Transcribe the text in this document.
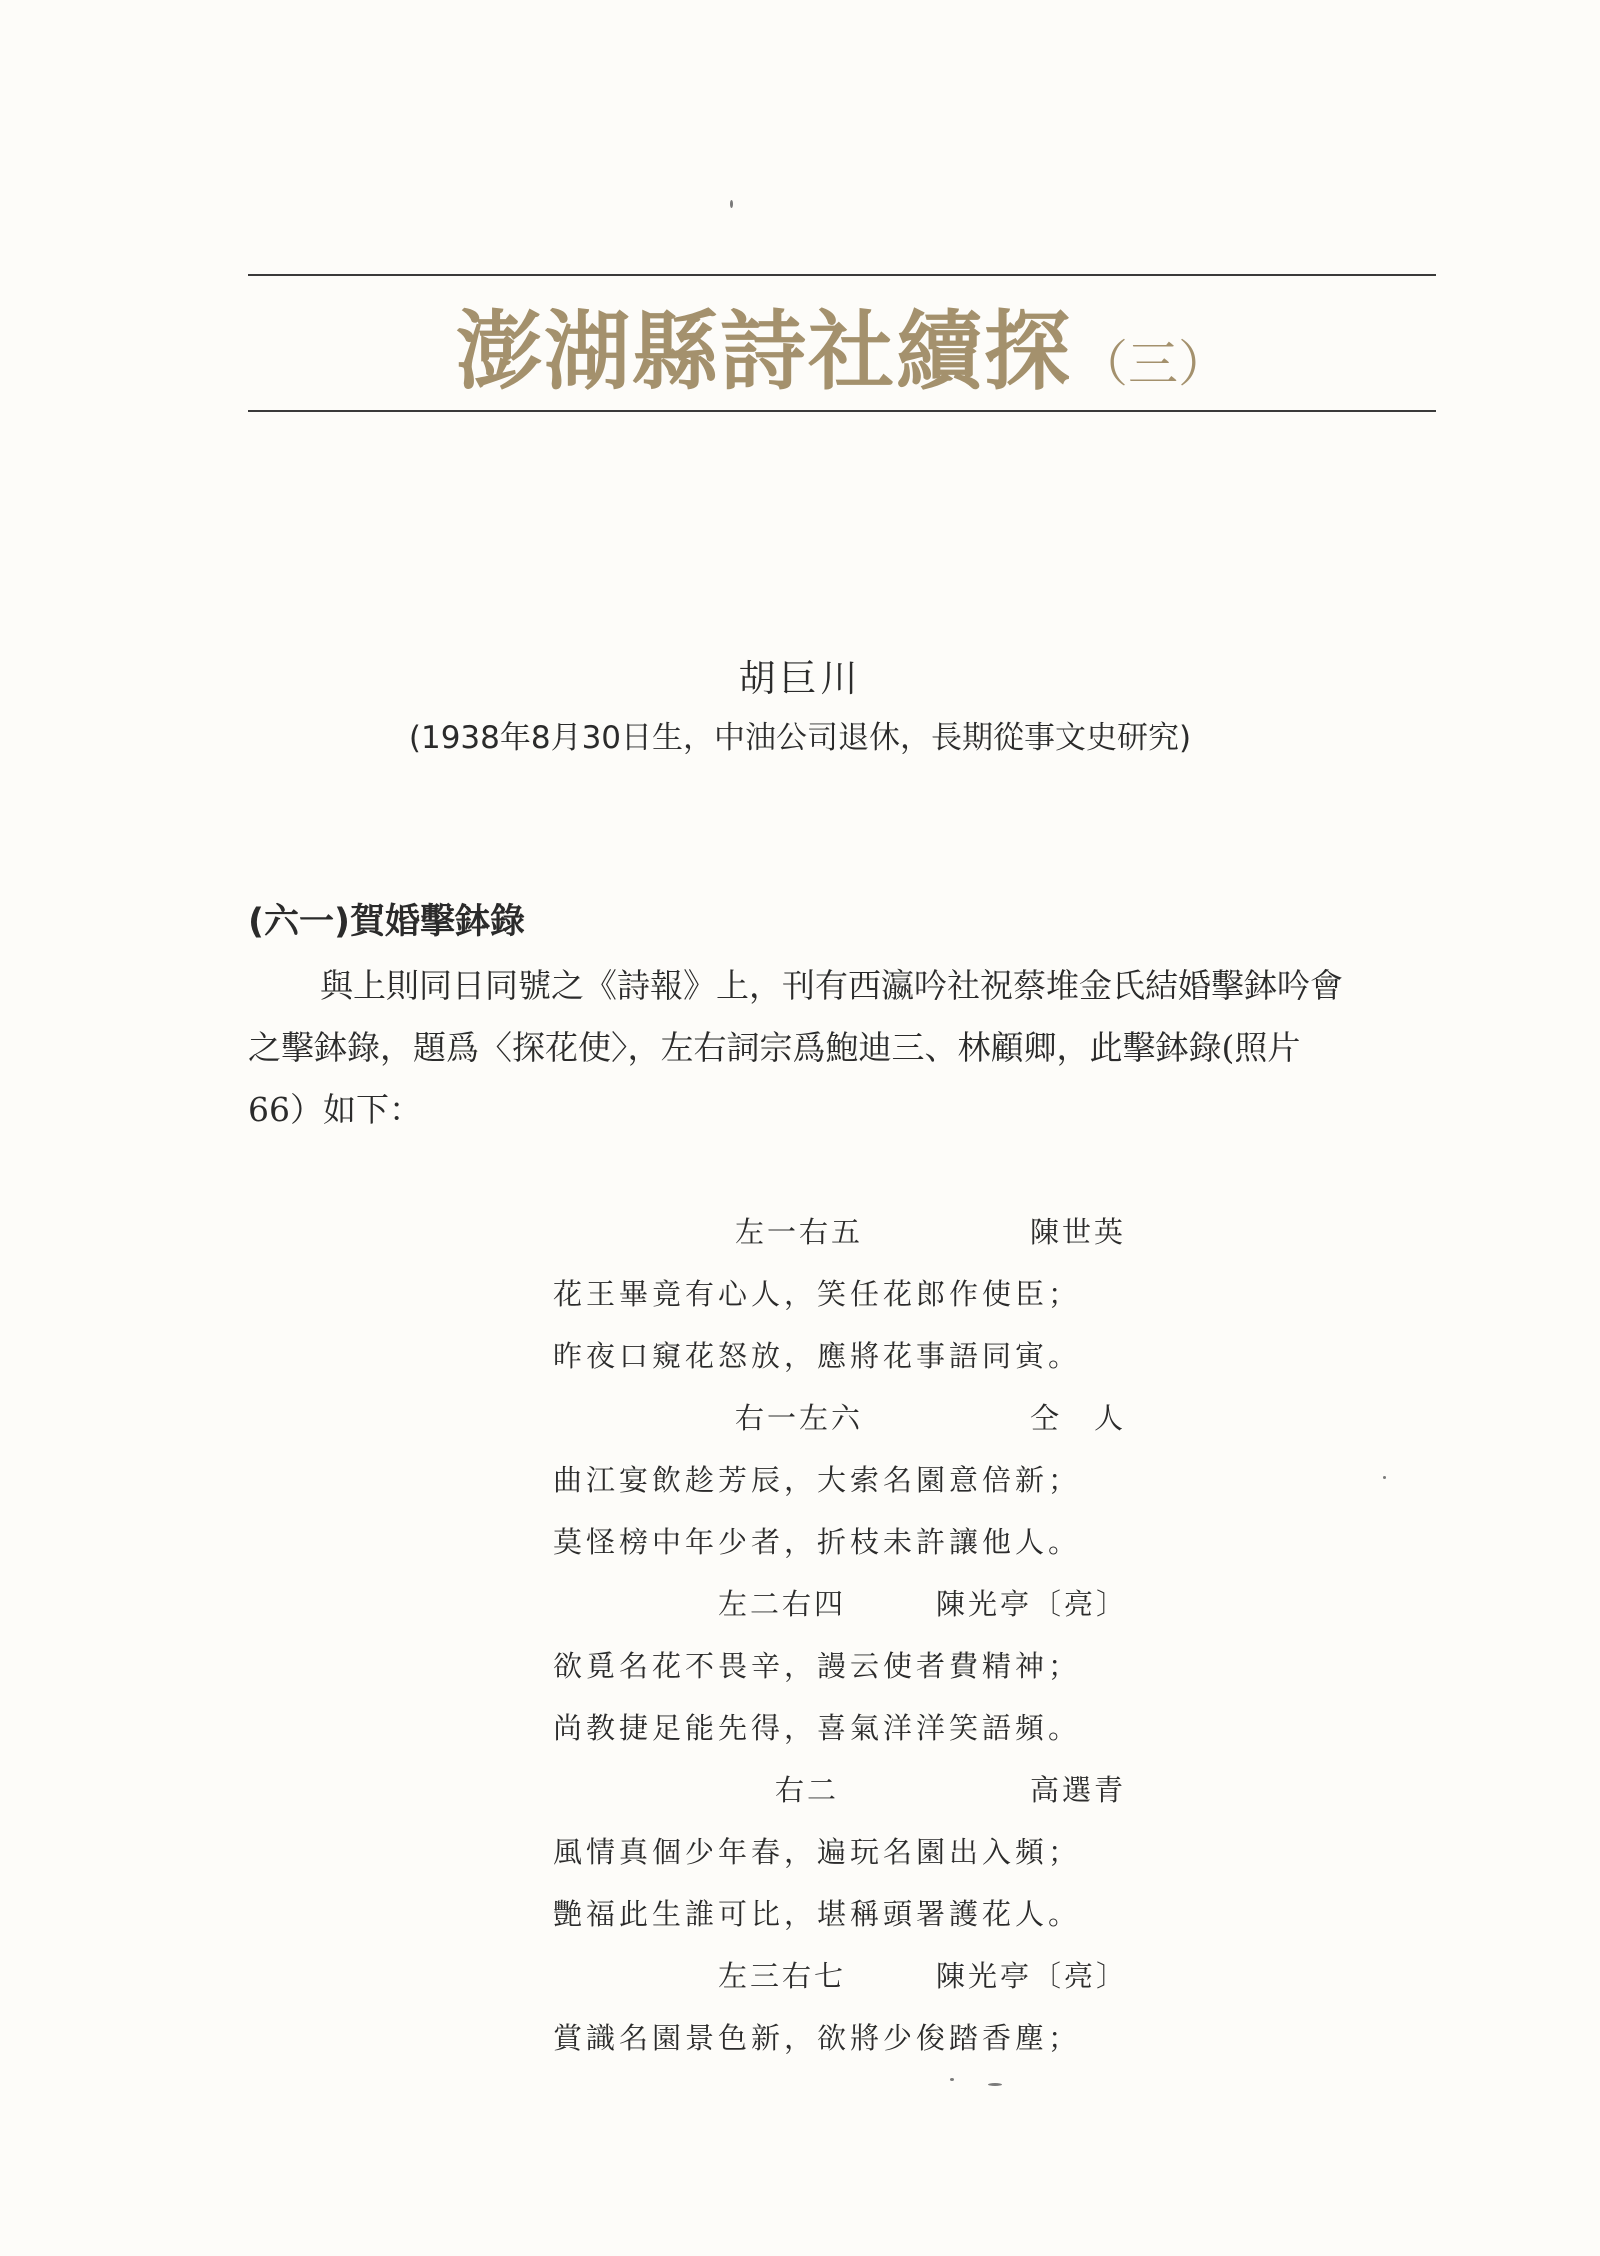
澎湖縣詩社續探 （三）
胡巨川
(1938年8月30日生，中油公司退休，長期從事文史研究)
(六一)賀婚擊鉢錄
與上則同日同號之《詩報》上，刊有西瀛吟社祝蔡堆金氏結婚擊鉢吟會
之擊鉢錄，題爲〈探花使〉，左右詞宗爲鮑迪三、林顧卿，此擊鉢錄(照片
66）如下：
左一右五	陳世英
花王畢竟有心人，笑任花郎作使臣；
昨夜口窺花怒放，應將花事語同寅。
右一左六	仝　人
曲江宴飲趁芳辰，大索名園意倍新；
莫怪榜中年少者，折枝未許讓他人。
左二右四	陳光亭〔亮〕
欲覓名花不畏辛，謾云使者費精神；
尚教捷足能先得，喜氣洋洋笑語頻。
右二	高選青
風情真個少年春，遍玩名園出入頻；
艷福此生誰可比，堪稱頭署護花人。
左三右七	陳光亭〔亮〕
賞識名園景色新，欲將少俊踏香塵；
